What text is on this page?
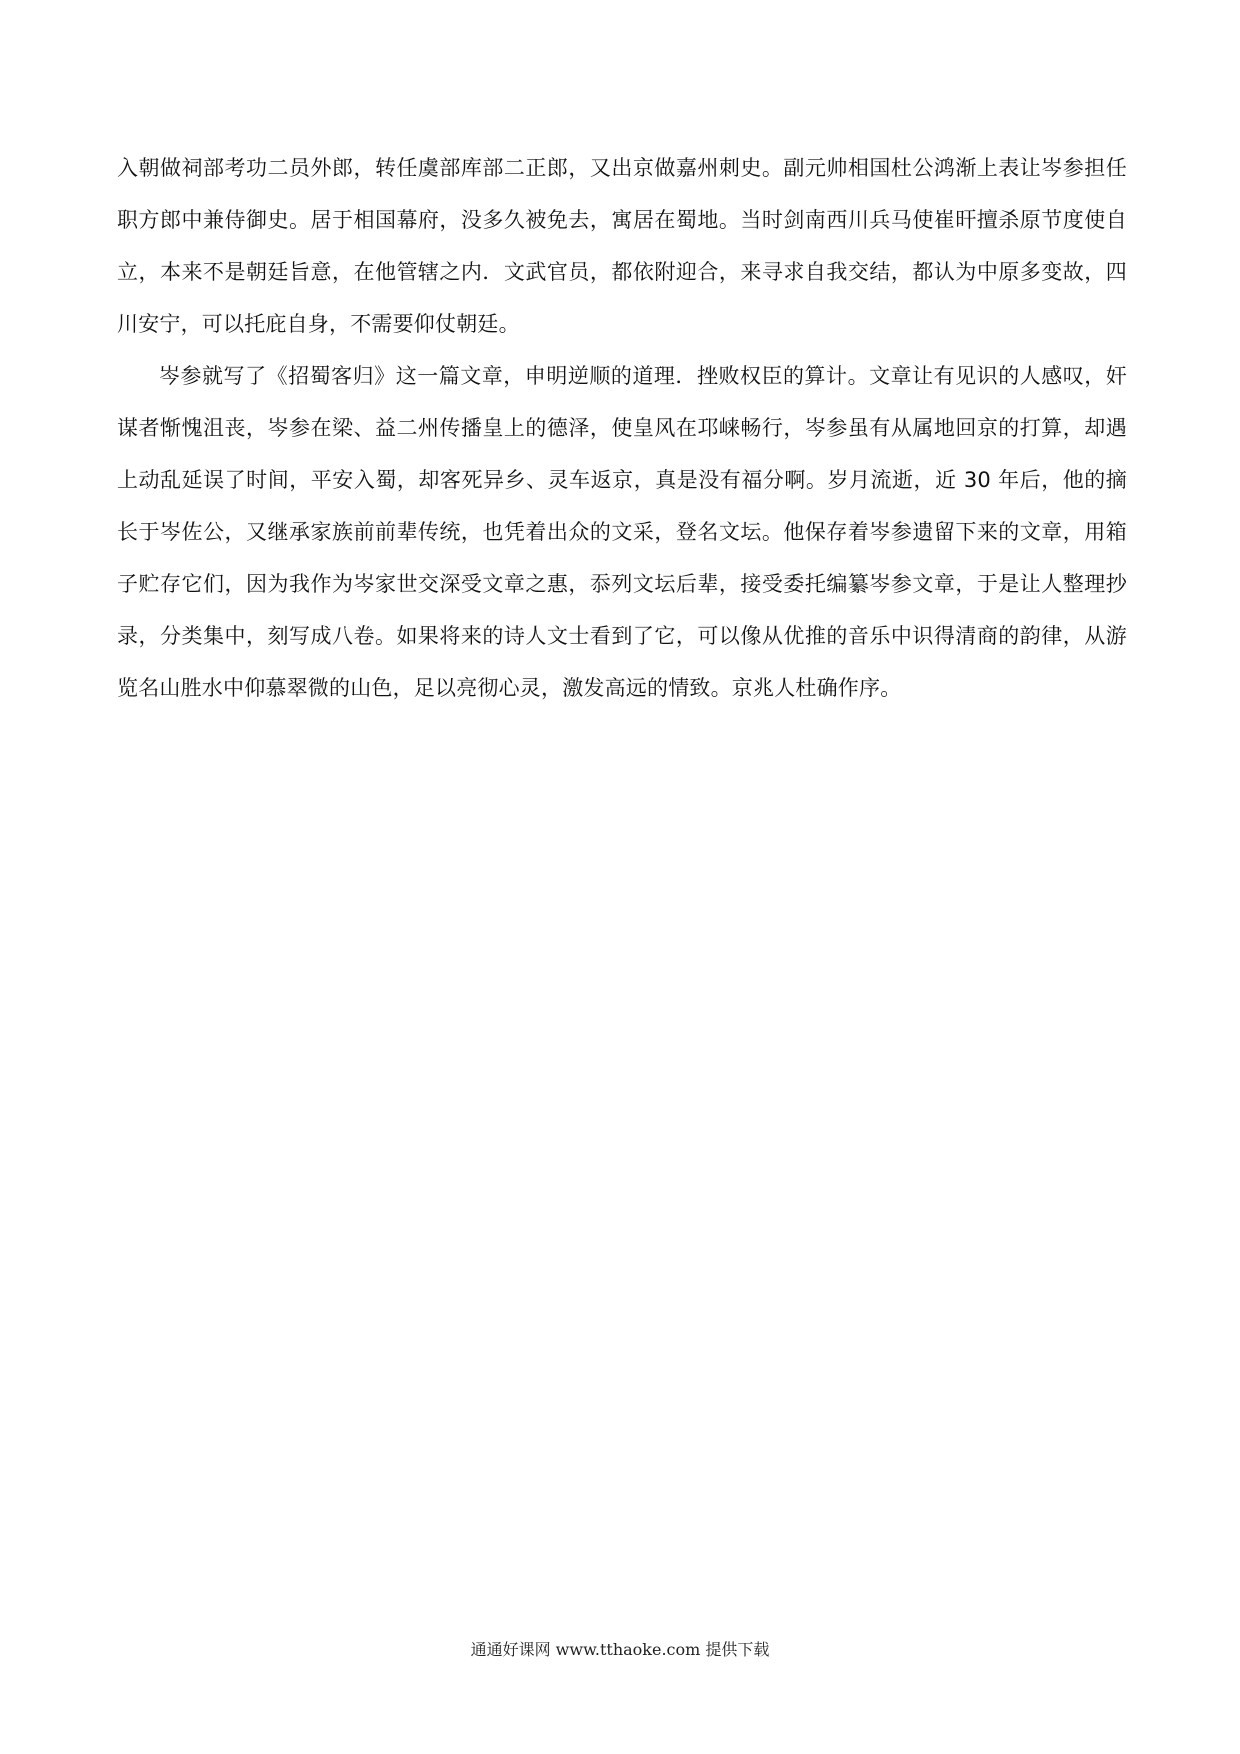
入朝做祠部考功二员外郎，转任虞部库部二正郎，又出京做嘉州刺史。副元帅相国杜公鸿渐上表让岑参担任职方郎中兼侍御史。居于相国幕府，没多久被免去，寓居在蜀地。当时剑南西川兵马使崔旰擅杀原节度使自立，本来不是朝廷旨意，在他管辖之内．文武官员，都依附迎合，来寻求自我交结，都认为中原多变故，四川安宁，可以托庇自身，不需要仰仗朝廷。

岑参就写了《招蜀客归》这一篇文章，申明逆顺的道理．挫败权臣的算计。文章让有见识的人感叹，奸谋者惭愧沮丧，岑参在梁、益二州传播皇上的德泽，使皇风在邛崃畅行，岑参虽有从属地回京的打算，却遇上动乱延误了时间，平安入蜀，却客死异乡、灵车返京，真是没有福分啊。岁月流逝，近 30 年后，他的摘长于岑佐公，又继承家族前前辈传统，也凭着出众的文采，登名文坛。他保存着岑参遗留下来的文章，用箱子贮存它们，因为我作为岑家世交深受文章之惠，忝列文坛后辈，接受委托编纂岑参文章，于是让人整理抄录，分类集中，刻写成八卷。如果将来的诗人文士看到了它，可以像从优推的音乐中识得清商的韵律，从游览名山胜水中仰慕翠微的山色，足以亮彻心灵，激发高远的情致。京兆人杜确作序。

通通好课网 www.tthaoke.com 提供下载
